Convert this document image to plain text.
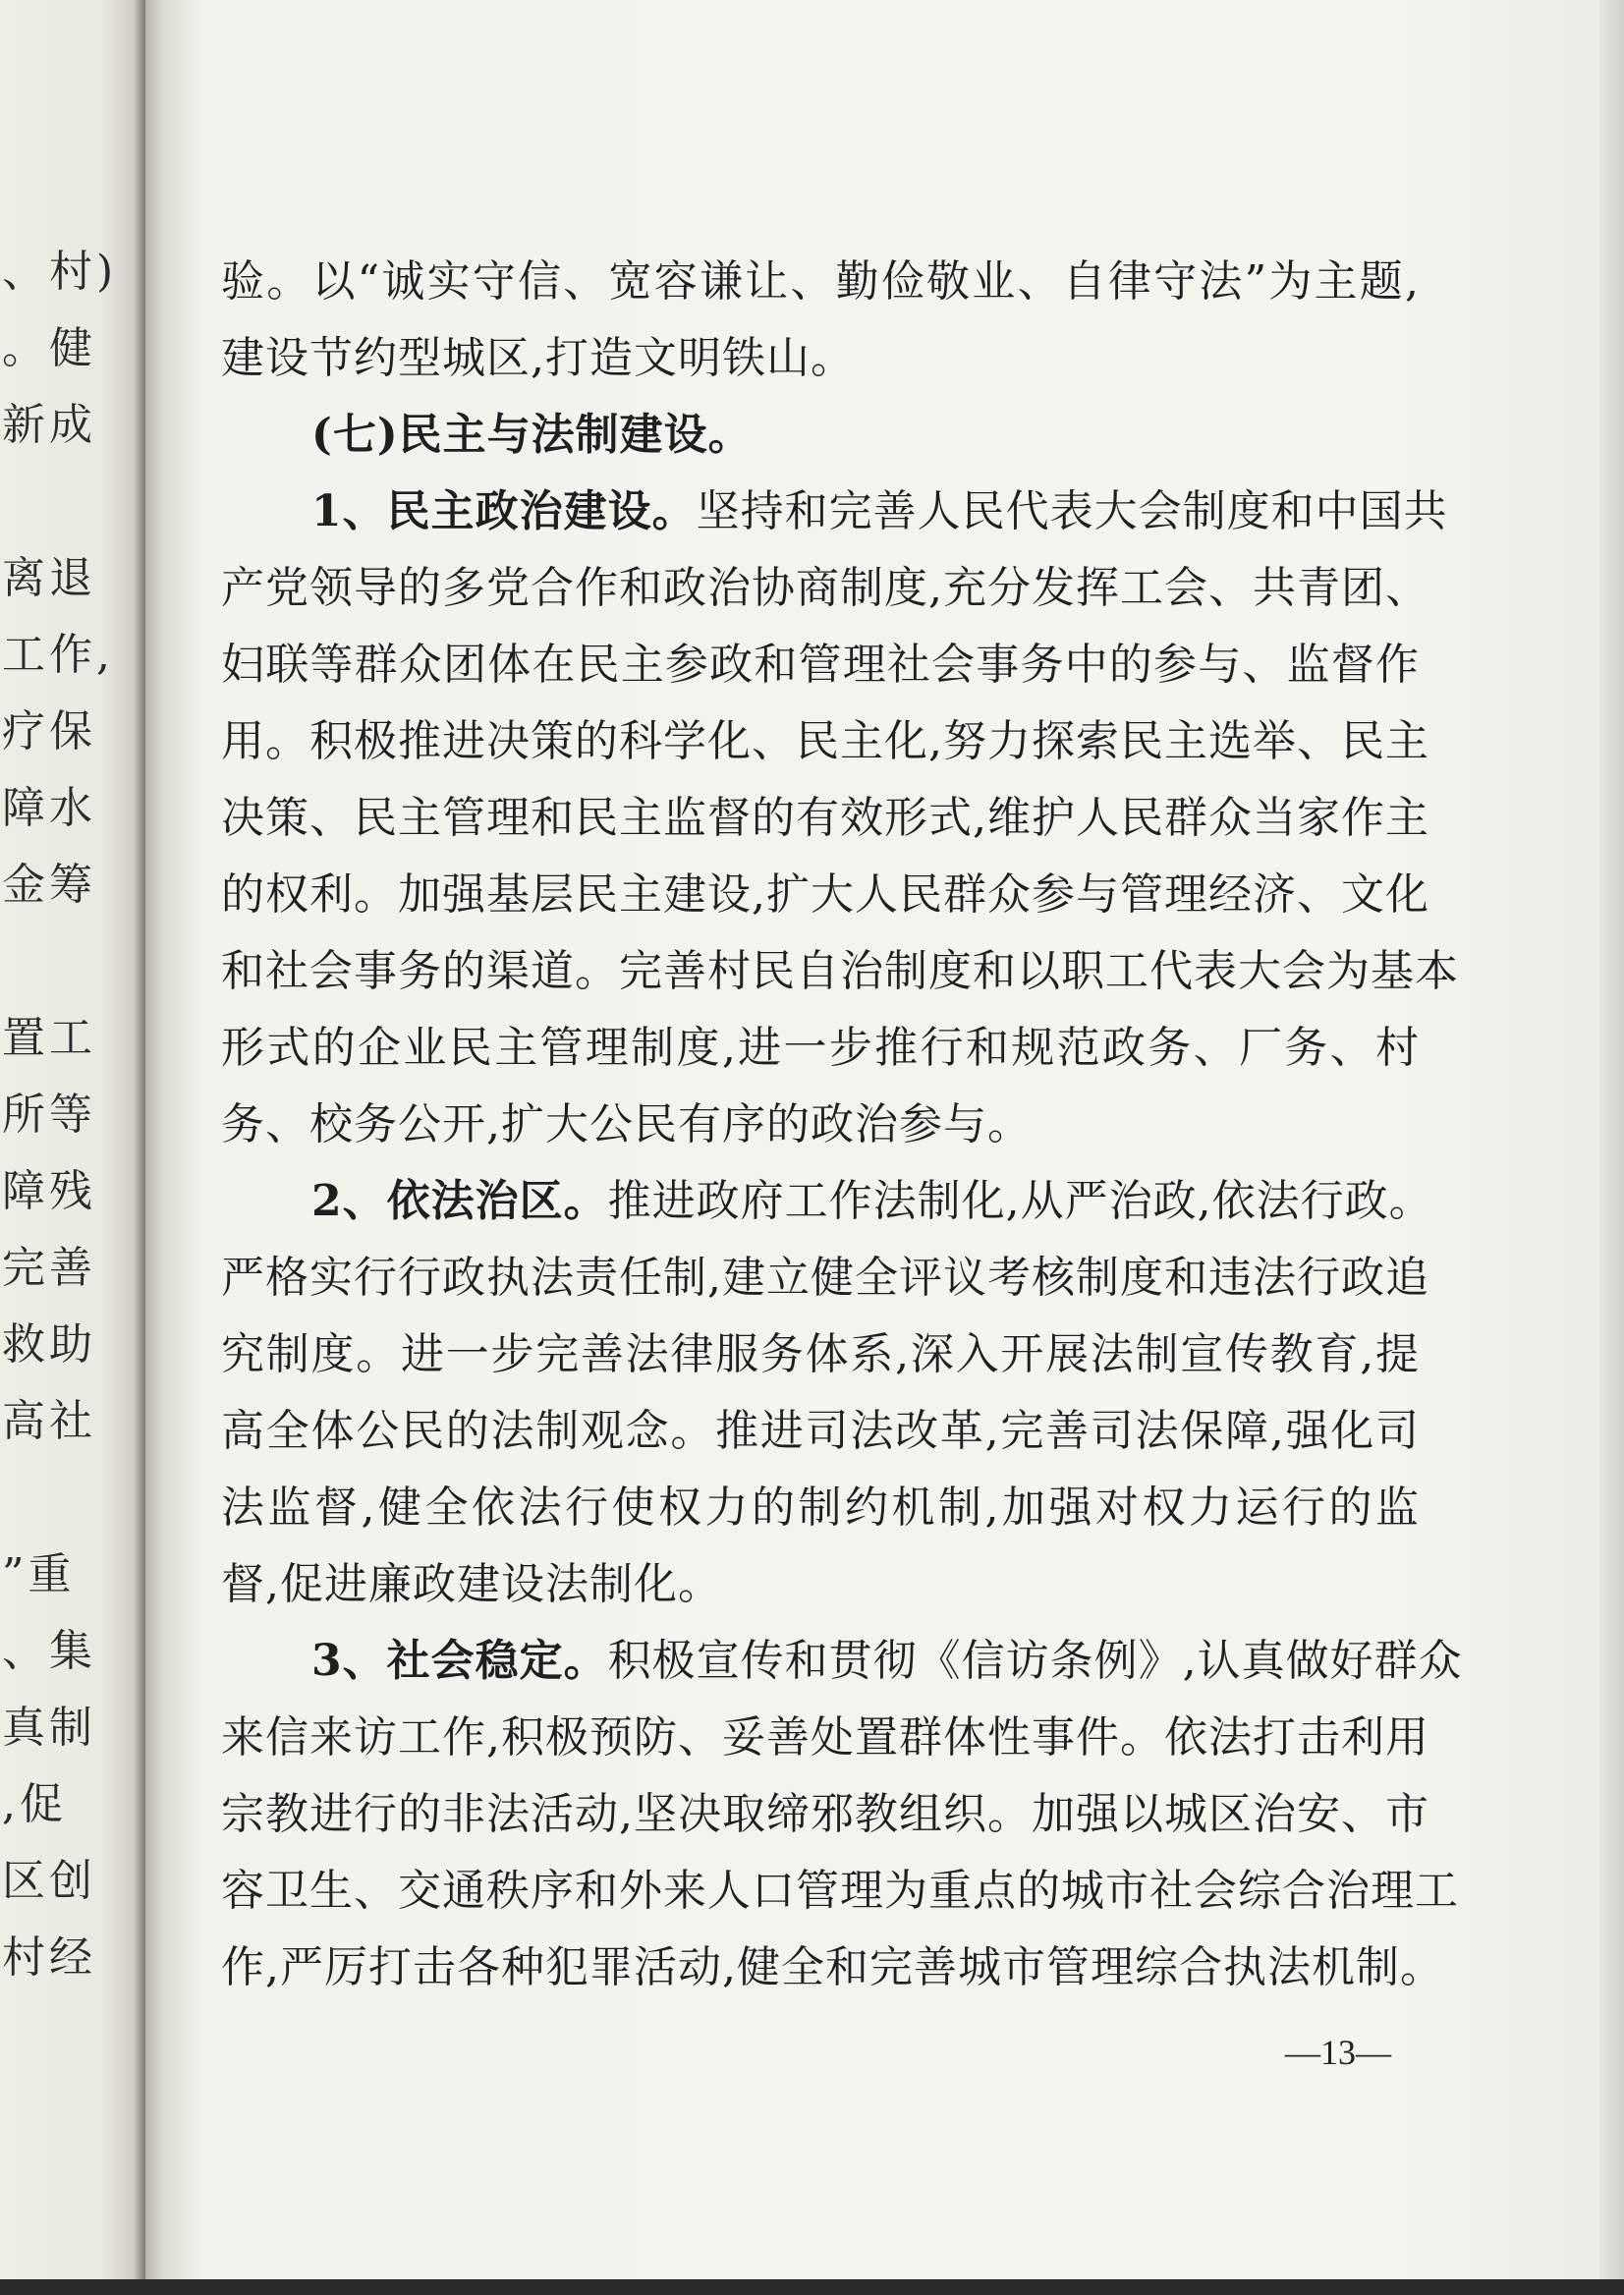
、村)
。健
新成
离退
工作,
疗保
障水
金筹
置工
所等
障残
完善
救助
高社
”重
、集
真制
,促
区创
村经
验。以“诚实守信、宽容谦让、勤俭敬业、自律守法”为主题,
建设节约型城区,打造文明铁山。
(七)民主与法制建设。
1、民主政治建设。坚持和完善人民代表大会制度和中国共
产党领导的多党合作和政治协商制度,充分发挥工会、共青团、
妇联等群众团体在民主参政和管理社会事务中的参与、监督作
用。积极推进决策的科学化、民主化,努力探索民主选举、民主
决策、民主管理和民主监督的有效形式,维护人民群众当家作主
的权利。加强基层民主建设,扩大人民群众参与管理经济、文化
和社会事务的渠道。完善村民自治制度和以职工代表大会为基本
形式的企业民主管理制度,进一步推行和规范政务、厂务、村
务、校务公开,扩大公民有序的政治参与。
2、依法治区。推进政府工作法制化,从严治政,依法行政。
严格实行行政执法责任制,建立健全评议考核制度和违法行政追
究制度。进一步完善法律服务体系,深入开展法制宣传教育,提
高全体公民的法制观念。推进司法改革,完善司法保障,强化司
法监督,健全依法行使权力的制约机制,加强对权力运行的监
督,促进廉政建设法制化。
3、社会稳定。积极宣传和贯彻《信访条例》,认真做好群众
来信来访工作,积极预防、妥善处置群体性事件。依法打击利用
宗教进行的非法活动,坚决取缔邪教组织。加强以城区治安、市
容卫生、交通秩序和外来人口管理为重点的城市社会综合治理工
作,严厉打击各种犯罪活动,健全和完善城市管理综合执法机制。
—13—
